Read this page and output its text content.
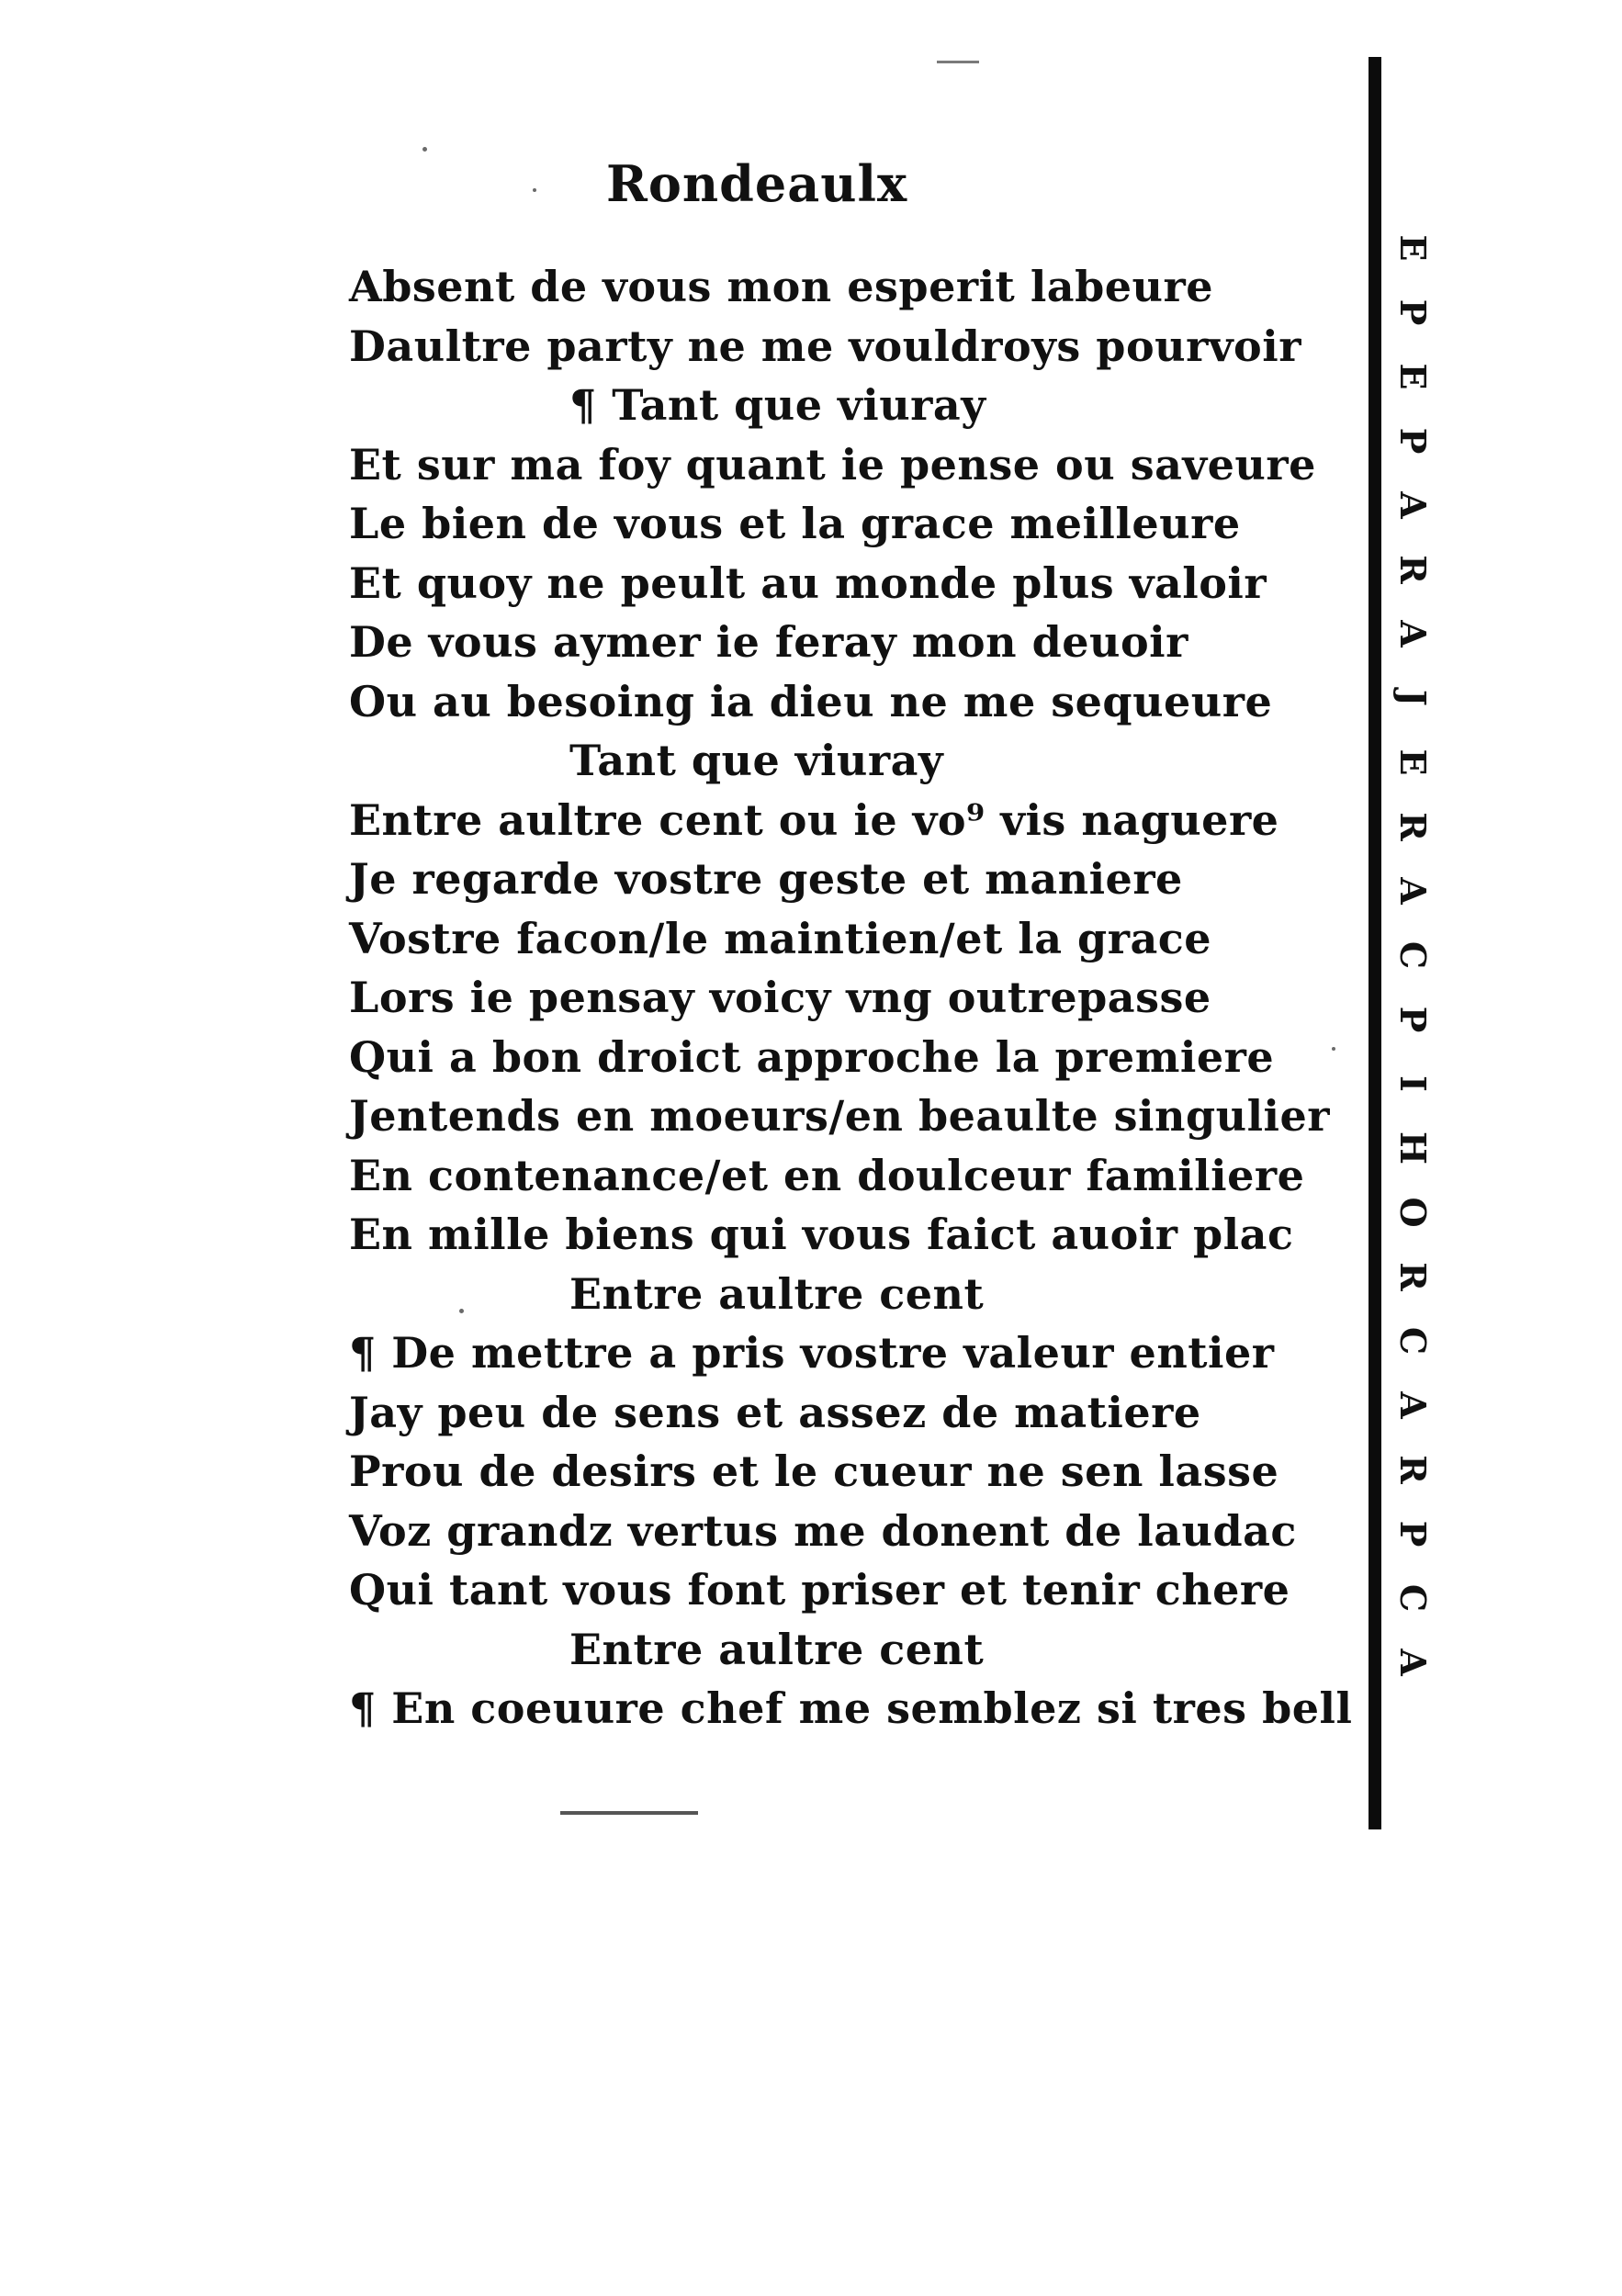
Rondeaulx
Absent de vous mon esperit labeure
Daultre party ne me vouldroys pourvoir
¶ Tant que viuray
Et sur ma foy quant ie pense ou saveure
Le bien de vous et la grace meilleure
Et quoy ne peult au monde plus valoir
De vous aymer ie feray mon deuoir
Ou au besoing ia dieu ne me sequeure
Tant que viuray
Entre aultre cent ou ie vo⁹ vis naguere
Je regarde vostre geste et maniere
Vostre facon/le maintien/et la grace
Lors ie pensay voicy vng outrepasse
Qui a bon droict approche la premiere
Jentends en moeurs/en beaulte singulier
En contenance/et en doulceur familiere
En mille biens qui vous faict auoir plac
Entre aultre cent
¶ De mettre a pris vostre valeur entier
Jay peu de sens et assez de matiere
Prou de desirs et le cueur ne sen lasse
Voz grandz vertus me donent de laudac
Qui tant vous font priser et tenir chere
Entre aultre cent
¶ En coeuure chef me semblez si tres bell
E
P
E
P
A
R
A
J
E
R
A
C
P
I
H
O
R
C
A
R
P
C
A
